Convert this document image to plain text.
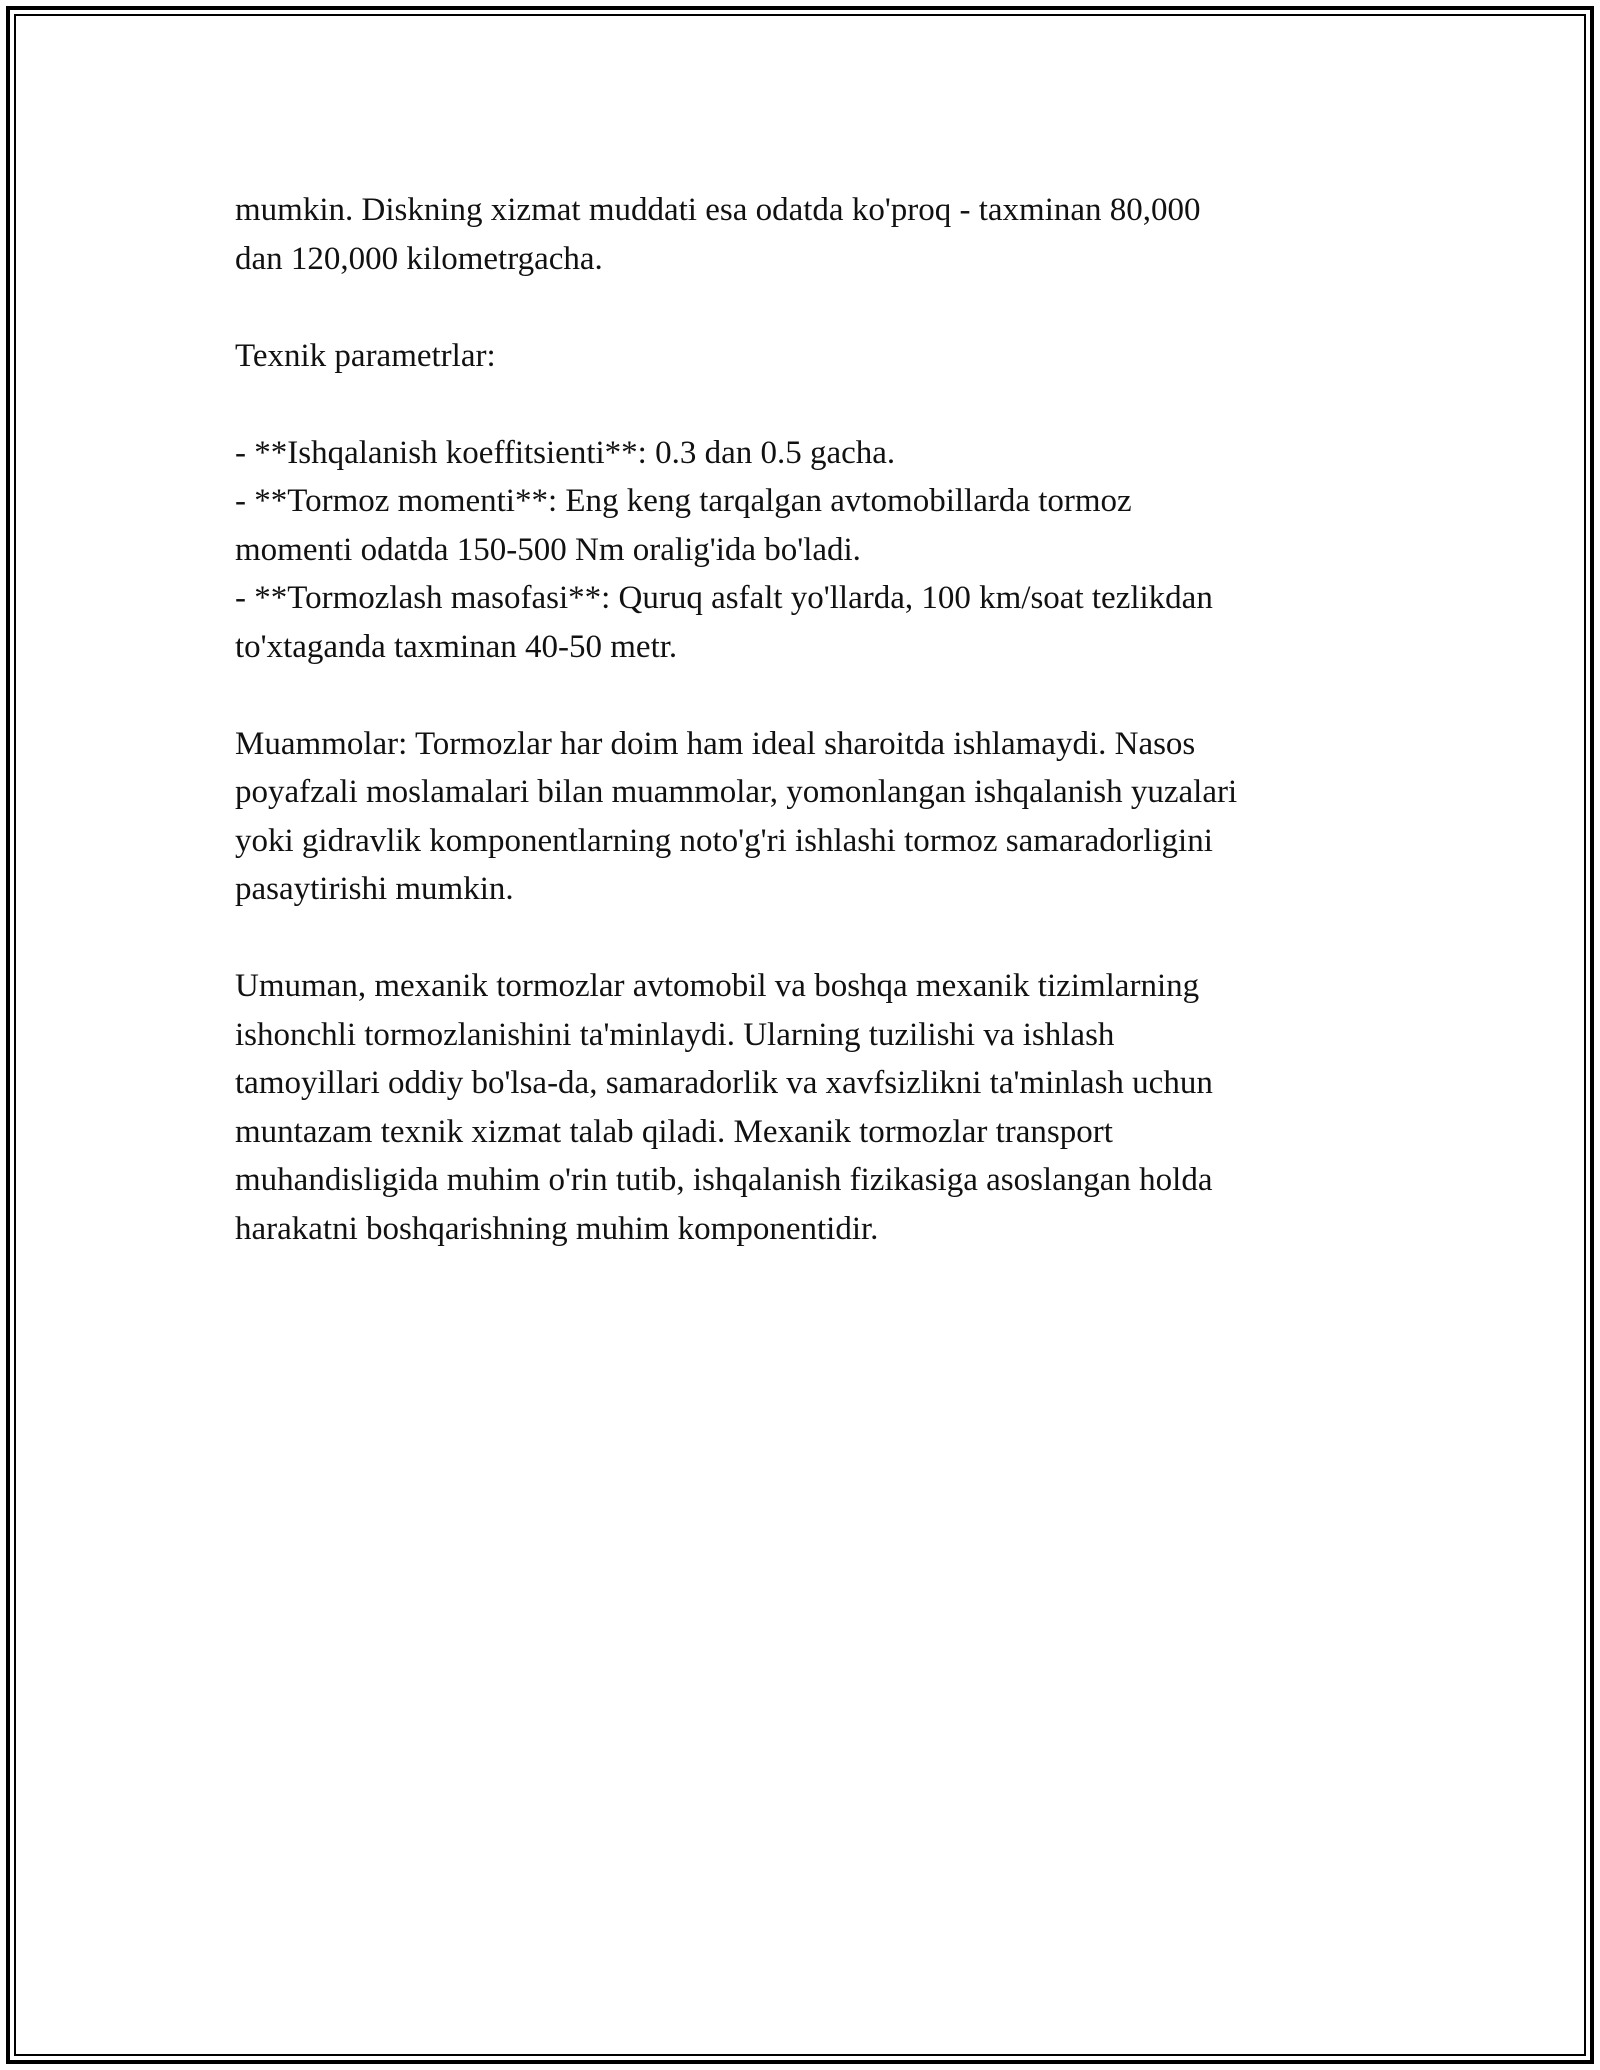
mumkin. Diskning xizmat muddati esa odatda ko'proq - taxminan 80,000
dan 120,000 kilometrgacha.

Texnik parametrlar:

- **Ishqalanish koeffitsienti**: 0.3 dan 0.5 gacha.

- **Tormoz momenti**: Eng keng tarqalgan avtomobillarda tormoz
momenti odatda 150-500 Nm oralig'ida bo'ladi.

- **Tormozlash masofasi**: Quruq asfalt yo'llarda, 100 km/soat tezlikdan
to'xtaganda taxminan 40-50 metr.

Muammolar: Tormozlar har doim ham ideal sharoitda ishlamaydi. Nasos
poyafzali moslamalari bilan muammolar, yomonlangan ishqalanish yuzalari
yoki gidravlik komponentlarning noto'g'ri ishlashi tormoz samaradorligini
pasaytirishi mumkin.

Umuman, mexanik tormozlar avtomobil va boshqa mexanik tizimlarning
ishonchli tormozlanishini ta'minlaydi. Ularning tuzilishi va ishlash
tamoyillari oddiy bo'lsa-da, samaradorlik va xavfsizlikni ta'minlash uchun
muntazam texnik xizmat talab qiladi. Mexanik tormozlar transport
muhandisligida muhim o'rin tutib, ishqalanish fizikasiga asoslangan holda
harakatni boshqarishning muhim komponentidir.
